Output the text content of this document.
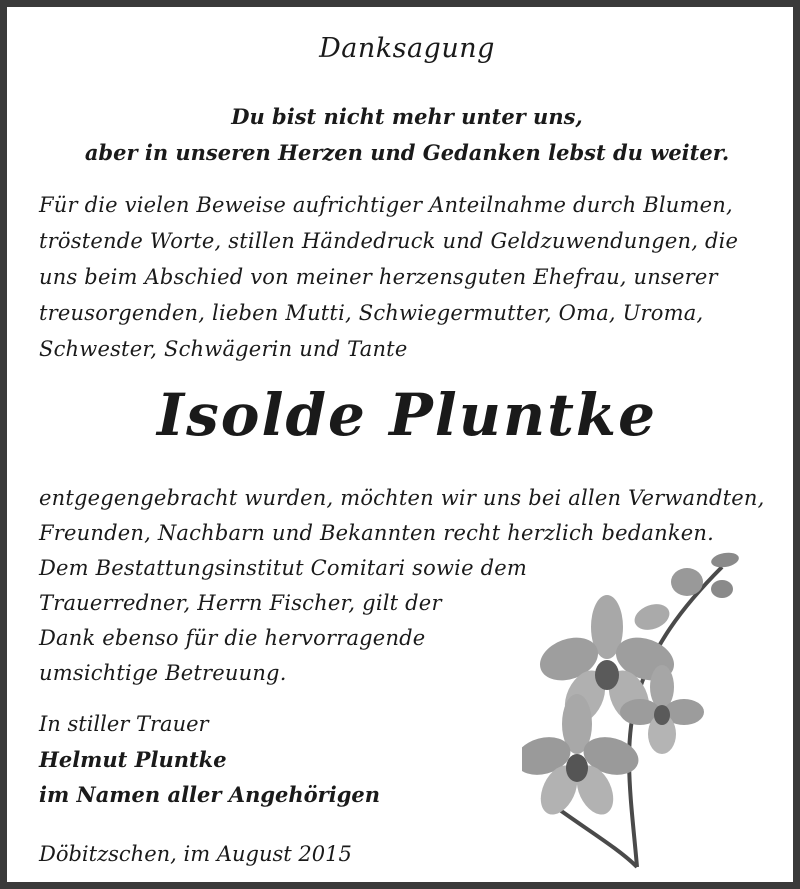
Danksagung
Du bist nicht mehr unter uns,
aber in unseren Herzen und Gedanken lebst du weiter.
Für die vielen Beweise aufrichtiger Anteilnahme durch Blumen,
tröstende Worte, stillen Händedruck und Geldzuwendungen, die
uns beim Abschied von meiner herzensguten Ehefrau, unserer
treusorgenden, lieben Mutti, Schwiegermutter, Oma, Uroma,
Schwester, Schwägerin und Tante
Isolde Pluntke
entgegengebracht wurden, möchten wir uns bei allen Verwandten,
Freunden, Nachbarn und Bekannten recht herzlich bedanken.
Dem Bestattungsinstitut Comitari sowie dem
Trauerredner, Herrn Fischer, gilt der
Dank ebenso für die hervorragende
umsichtige Betreuung.
In stiller Trauer
Helmut Pluntke
im Namen aller Angehörigen
Döbitzschen, im August 2015
